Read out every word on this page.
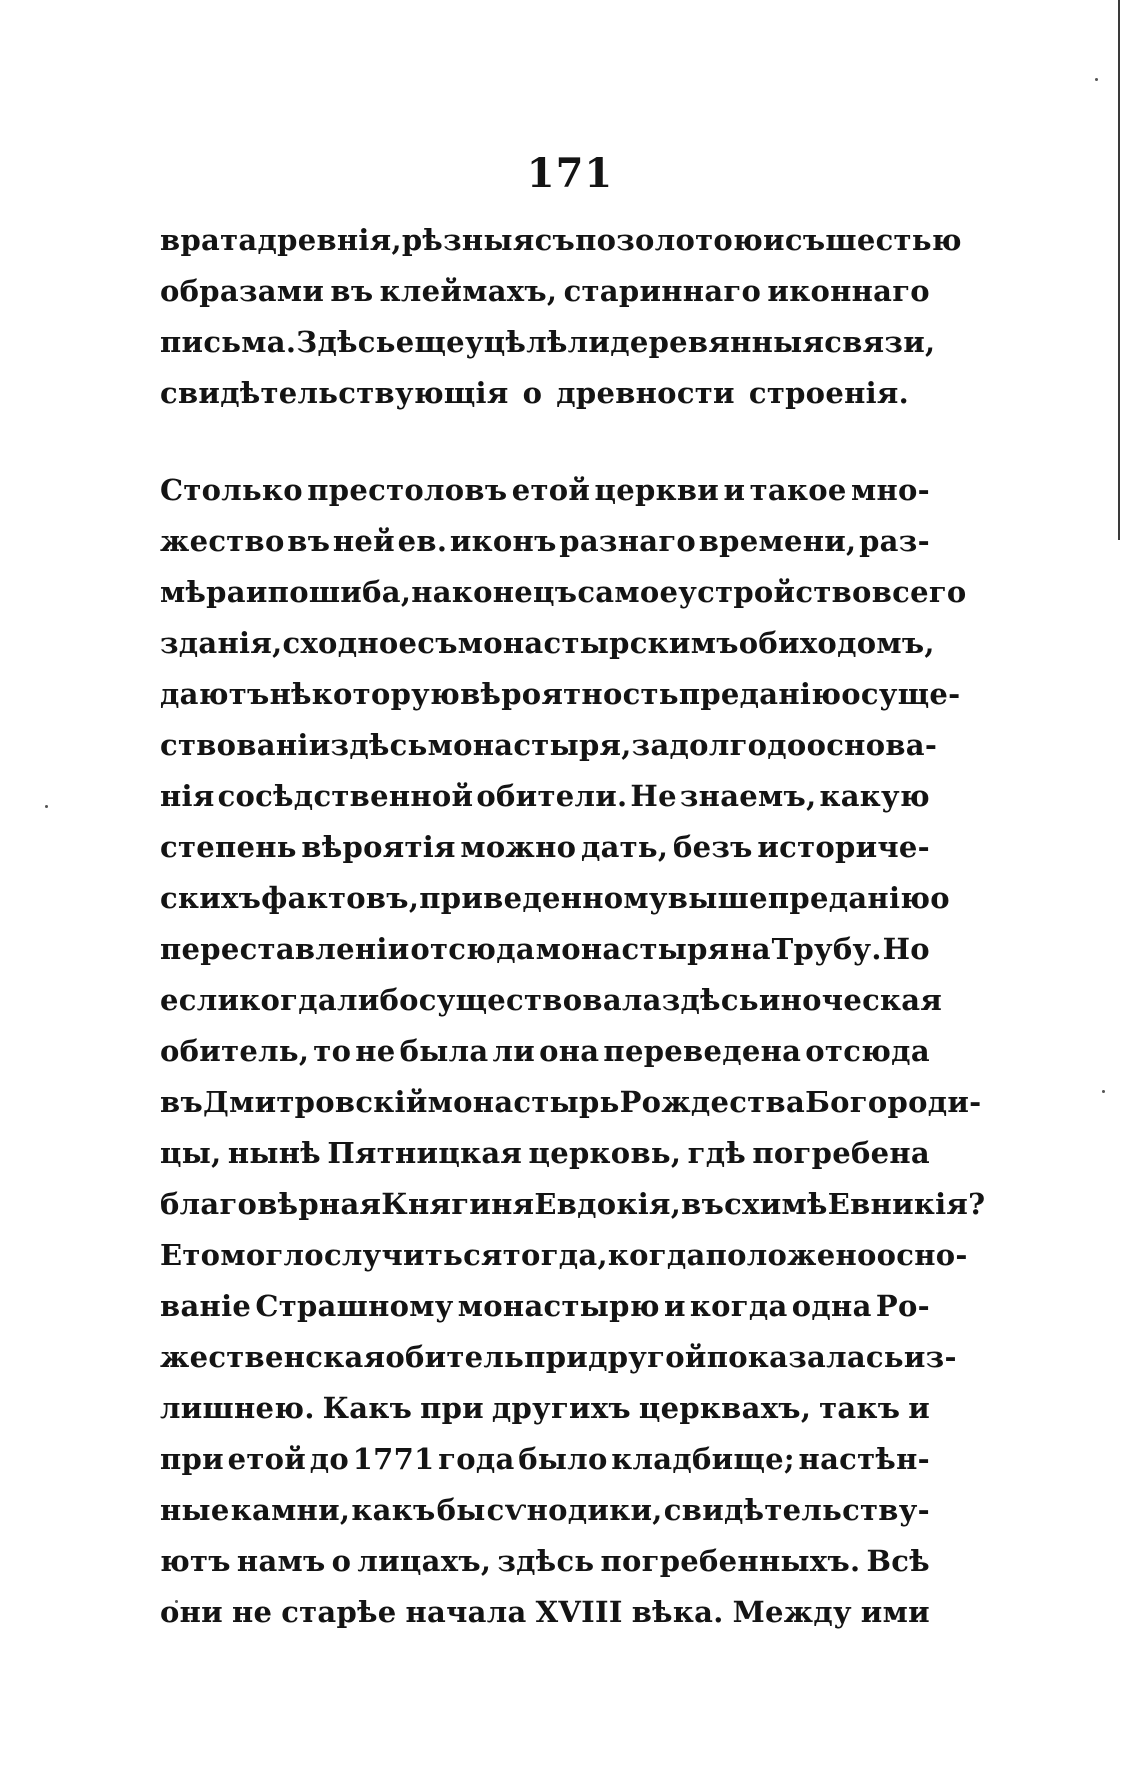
171
врата древнія, рѣзныя съ позолотою и съ шестью
образами въ клеймахъ, стариннаго иконнаго
письма. Здѣсь еще уцѣлѣли деревянныя связи,
свидѣтельствующія о древности строенія.
Столько престоловъ етой церкви и такое мно-
жество въ ней ев. иконъ разнаго времени, раз-
мѣра и пошиба, наконецъ самое устройство всего
зданія, сходное съ монастырскимъ обиходомъ,
даютъ нѣкоторую вѣроятность преданію о суще-
ствованіи здѣсь монастыря, за долго до основа-
нія сосѣдственной обители. Не знаемъ, какую
степень вѣроятія можно дать, безъ историче-
скихъ фактовъ, приведенному выше преданію о
переставленіи отсюда монастыря на Трубу. Но
если когда либо существовала здѣсь иноческая
обитель, то не была ли она переведена отсюда
въ Дмитровскій монастырь Рождества Богороди-
цы, нынѣ Пятницкая церковь, гдѣ погребена
благовѣрная Княгиня Евдокія, въ схимѣ Евникія?
Ето могло случиться тогда, когда положено осно-
ваніе Страшному монастырю и когда одна Ро-
жественская обитель при другой показалась из-
лишнею. Какъ при другихъ церквахъ, такъ и
при етой до 1771 года было кладбище; настѣн-
ные камни, какъ бы сѵнодики, свидѣтельству-
ютъ намъ о лицахъ, здѣсь погребенныхъ. Всѣ
они не старѣе начала XVIII вѣка. Между ими
